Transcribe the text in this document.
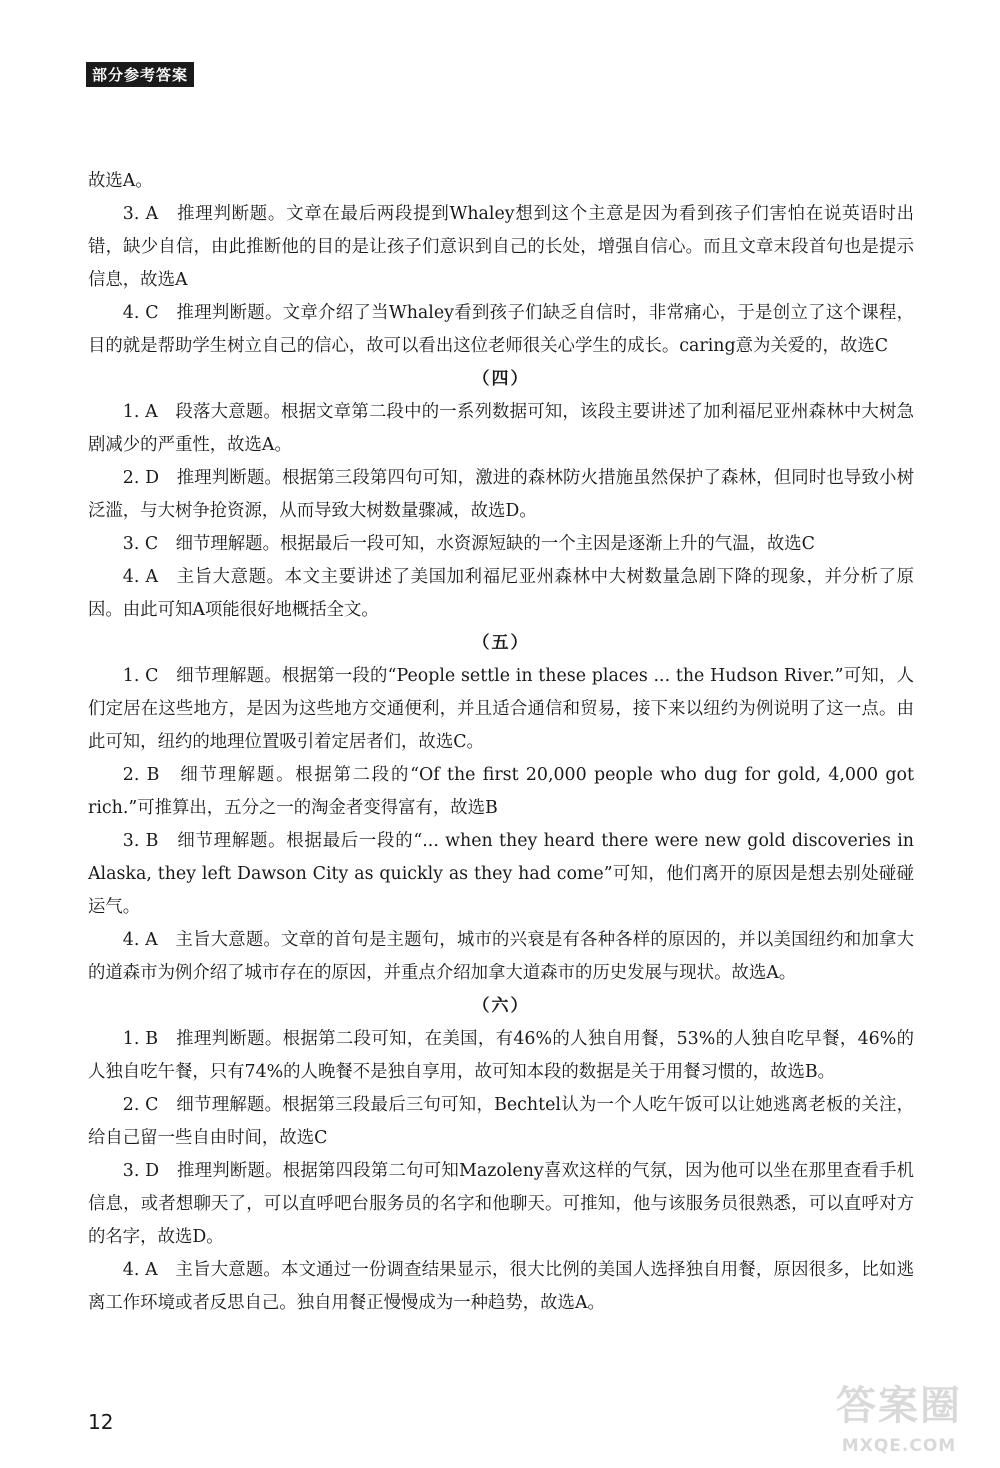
部分参考答案

故选A。

3. A　推理判断题。文章在最后两段提到Whaley想到这个主意是因为看到孩子们害怕在说英语时出错，缺少自信，由此推断他的目的是让孩子们意识到自己的长处，增强自信心。而且文章末段首句也是提示信息，故选A

4. C　推理判断题。文章介绍了当Whaley看到孩子们缺乏自信时，非常痛心，于是创立了这个课程，目的就是帮助学生树立自己的信心，故可以看出这位老师很关心学生的成长。caring意为关爱的，故选C

（四）

1. A　段落大意题。根据文章第二段中的一系列数据可知，该段主要讲述了加利福尼亚州森林中大树急剧减少的严重性，故选A。

2. D　推理判断题。根据第三段第四句可知，激进的森林防火措施虽然保护了森林，但同时也导致小树泛滥，与大树争抢资源，从而导致大树数量骤减，故选D。

3. C　细节理解题。根据最后一段可知，水资源短缺的一个主因是逐渐上升的气温，故选C

4. A　主旨大意题。本文主要讲述了美国加利福尼亚州森林中大树数量急剧下降的现象，并分析了原因。由此可知A项能很好地概括全文。

（五）

1. C　细节理解题。根据第一段的“People settle in these places ... the Hudson River.”可知，人们定居在这些地方，是因为这些地方交通便利，并且适合通信和贸易，接下来以纽约为例说明了这一点。由此可知，纽约的地理位置吸引着定居者们，故选C。

2. B　细节理解题。根据第二段的“Of the first 20,000 people who dug for gold, 4,000 got rich.”可推算出，五分之一的淘金者变得富有，故选B

3. B　细节理解题。根据最后一段的“... when they heard there were new gold discoveries in Alaska, they left Dawson City as quickly as they had come”可知，他们离开的原因是想去别处碰碰运气。

4. A　主旨大意题。文章的首句是主题句，城市的兴衰是有各种各样的原因的，并以美国纽约和加拿大的道森市为例介绍了城市存在的原因，并重点介绍加拿大道森市的历史发展与现状。故选A。

（六）

1. B　推理判断题。根据第二段可知，在美国，有46%的人独自用餐，53%的人独自吃早餐，46%的人独自吃午餐，只有74%的人晚餐不是独自享用，故可知本段的数据是关于用餐习惯的，故选B。

2. C　细节理解题。根据第三段最后三句可知，Bechtel认为一个人吃午饭可以让她逃离老板的关注，给自己留一些自由时间，故选C

3. D　推理判断题。根据第四段第二句可知Mazoleny喜欢这样的气氛，因为他可以坐在那里查看手机信息，或者想聊天了，可以直呼吧台服务员的名字和他聊天。可推知，他与该服务员很熟悉，可以直呼对方的名字，故选D。

4. A　主旨大意题。本文通过一份调查结果显示，很大比例的美国人选择独自用餐，原因很多，比如逃离工作环境或者反思自己。独自用餐正慢慢成为一种趋势，故选A。

12	答案圈
MXQE.COM
